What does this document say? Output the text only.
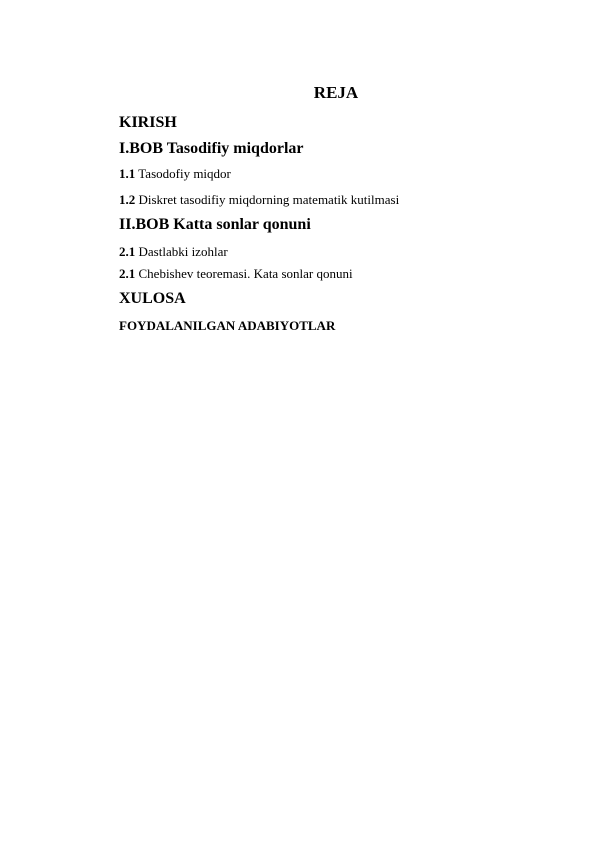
REJA
KIRISH
I.BOB Tasodifiy miqdorlar
1.1 Tasodofiy miqdor
1.2 Diskret tasodifiy miqdorning matematik kutilmasi
II.BOB Katta sonlar qonuni
2.1 Dastlabki izohlar
2.1 Chebishev teoremasi. Kata sonlar qonuni
XULOSA
FOYDALANILGAN ADABIYOTLAR
